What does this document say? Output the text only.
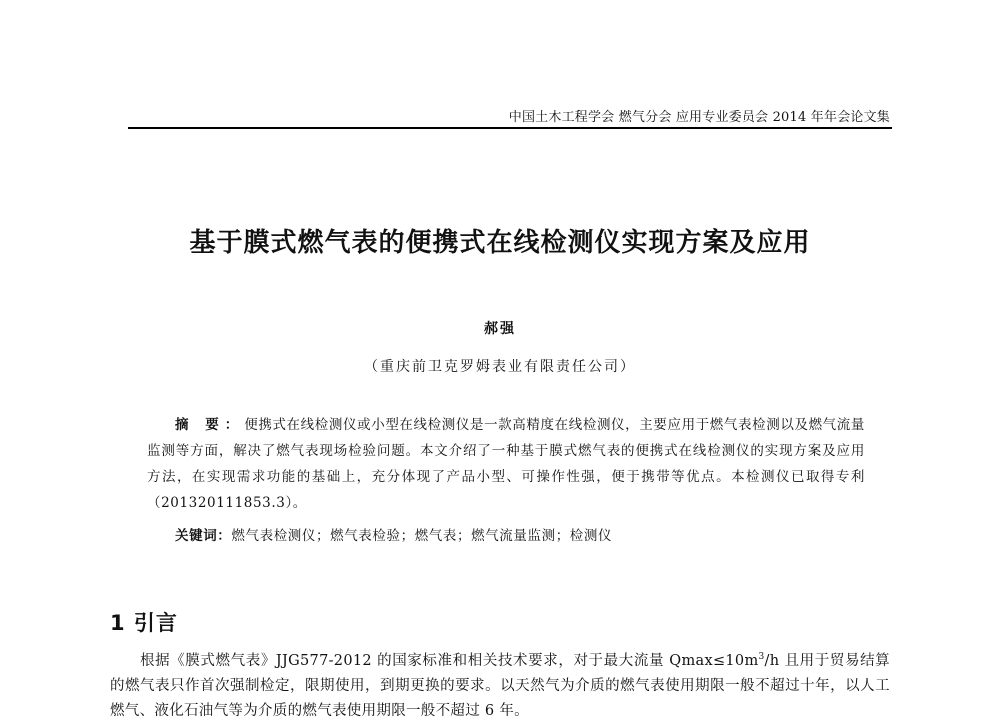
中国土木工程学会 燃气分会 应用专业委员会 2014 年年会论文集
基于膜式燃气表的便携式在线检测仪实现方案及应用
郝强
（重庆前卫克罗姆表业有限责任公司）
摘 要：便携式在线检测仪或小型在线检测仪是一款高精度在线检测仪，主要应用于燃气表检测以及燃气流量监测等方面，解决了燃气表现场检验问题。本文介绍了一种基于膜式燃气表的便携式在线检测仪的实现方案及应用方法，在实现需求功能的基础上，充分体现了产品小型、可操作性强，便于携带等优点。本检测仪已取得专利（201320111853.3）。
关键词：燃气表检测仪；燃气表检验；燃气表；燃气流量监测；检测仪
1 引言
根据《膜式燃气表》JJG577-2012 的国家标准和相关技术要求，对于最大流量 $Qmax\le 10m^3/h$ 且用于贸易结算的燃气表只作首次强制检定，限期使用，到期更换的要求。以天然气为介质的燃气表使用期限一般不超过十年，以人工燃气、液化石油气等为介质的燃气表使用期限一般不超过 6 年。
